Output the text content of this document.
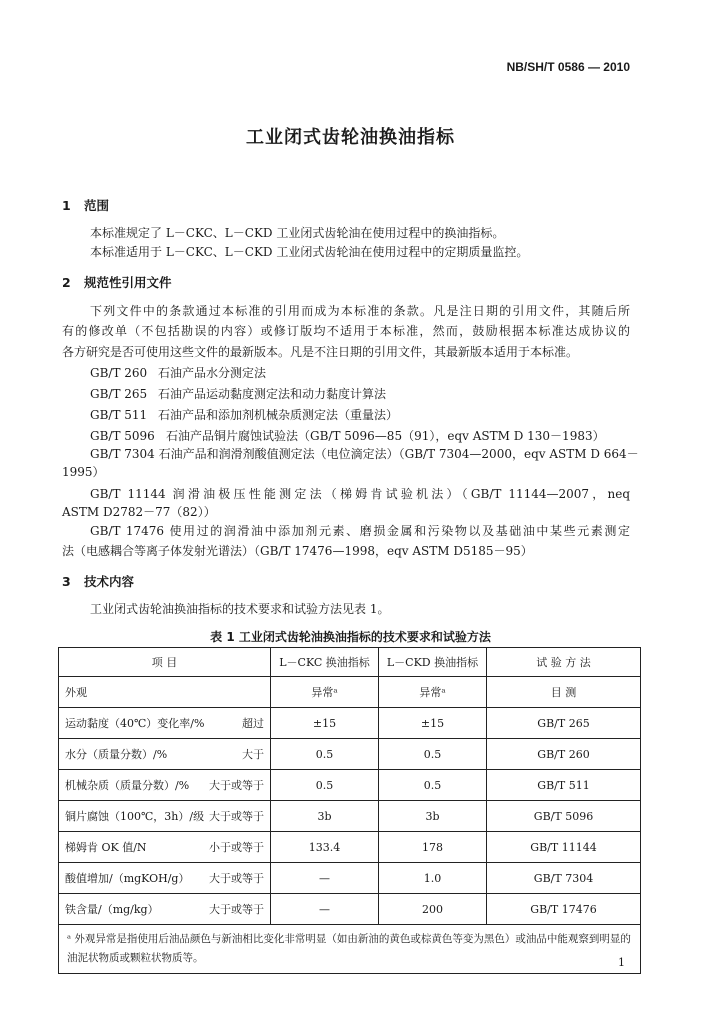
NB/SH/T 0586 — 2010
工业闭式齿轮油换油指标
1 范围
本标准规定了 L－CKC、L－CKD 工业闭式齿轮油在使用过程中的换油指标。
本标准适用于 L－CKC、L－CKD 工业闭式齿轮油在使用过程中的定期质量监控。
2 规范性引用文件
下列文件中的条款通过本标准的引用而成为本标准的条款。凡是注日期的引用文件，其随后所
有的修改单（不包括勘误的内容）或修订版均不适用于本标准，然而，鼓励根据本标准达成协议的
各方研究是否可使用这些文件的最新版本。凡是不注日期的引用文件，其最新版本适用于本标准。
GB/T 260 石油产品水分测定法
GB/T 265 石油产品运动黏度测定法和动力黏度计算法
GB/T 511 石油产品和添加剂机械杂质测定法（重量法）
GB/T 5096 石油产品铜片腐蚀试验法（GB/T 5096—85（91），eqv ASTM D 130－1983）
GB/T 7304 石油产品和润滑剂酸值测定法（电位滴定法）（GB/T 7304—2000，eqv ASTM D 664－
1995）
GB/T 11144 润滑油极压性能测定法（梯姆肯试验机法）（GB/T 11144—2007，neq
ASTM D2782－77（82））
GB/T 17476 使用过的润滑油中添加剂元素、磨损金属和污染物以及基础油中某些元素测定
法（电感耦合等离子体发射光谱法）（GB/T 17476—1998，eqv ASTM D5185－95）
3 技术内容
工业闭式齿轮油换油指标的技术要求和试验方法见表 1。
表 1 工业闭式齿轮油换油指标的技术要求和试验方法
项 目	L－CKC 换油指标	L－CKD 换油指标	试 验 方 法

外观	异常ᵃ	异常ᵃ	目 测

运动黏度（40℃）变化率/% 超过	±15	±15	GB/T 265

水分（质量分数）/% 大于	0.5	0.5	GB/T 260

机械杂质（质量分数）/% 大于或等于	0.5	0.5	GB/T 511

铜片腐蚀（100℃，3h）/级 大于或等于	3b	3b	GB/T 5096

梯姆肯 OK 值/N 小于或等于	133.4	178	GB/T 11144

酸值增加/（mgKOH/g） 大于或等于	—	1.0	GB/T 7304

铁含量/（mg/kg） 大于或等于	—	200	GB/T 17476
ᵃ 外观异常是指使用后油品颜色与新油相比变化非常明显（如由新油的黄色或棕黄色等变为黑色）或油品中能观察到明显的油泥状物质或颗粒状物质等。				1
